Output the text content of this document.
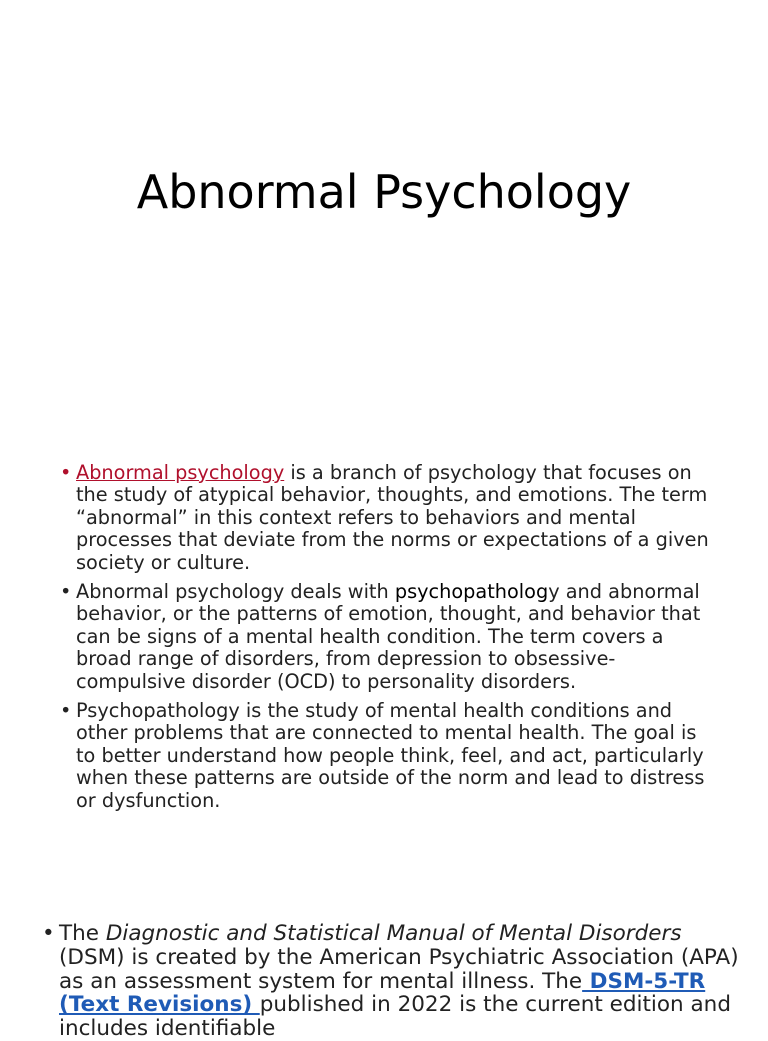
Abnormal Psychology
• Abnormal psychology is a branch of psychology that focuses on the study of atypical behavior, thoughts, and emotions. The term “abnormal” in this context refers to behaviors and mental processes that deviate from the norms or expectations of a given society or culture.
• Abnormal psychology deals with psychopathology and abnormal behavior, or the patterns of emotion, thought, and behavior that can be signs of a mental health condition. The term covers a broad range of disorders, from depression to obsessive-compulsive disorder (OCD) to personality disorders.
• Psychopathology is the study of mental health conditions and other problems that are connected to mental health. The goal is to better understand how people think, feel, and act, particularly when these patterns are outside of the norm and lead to distress or dysfunction.
• The Diagnostic and Statistical Manual of Mental Disorders (DSM) is created by the American Psychiatric Association (APA) as an assessment system for mental illness. The DSM-5-TR (Text Revisions) published in 2022 is the current edition and includes identifiable
